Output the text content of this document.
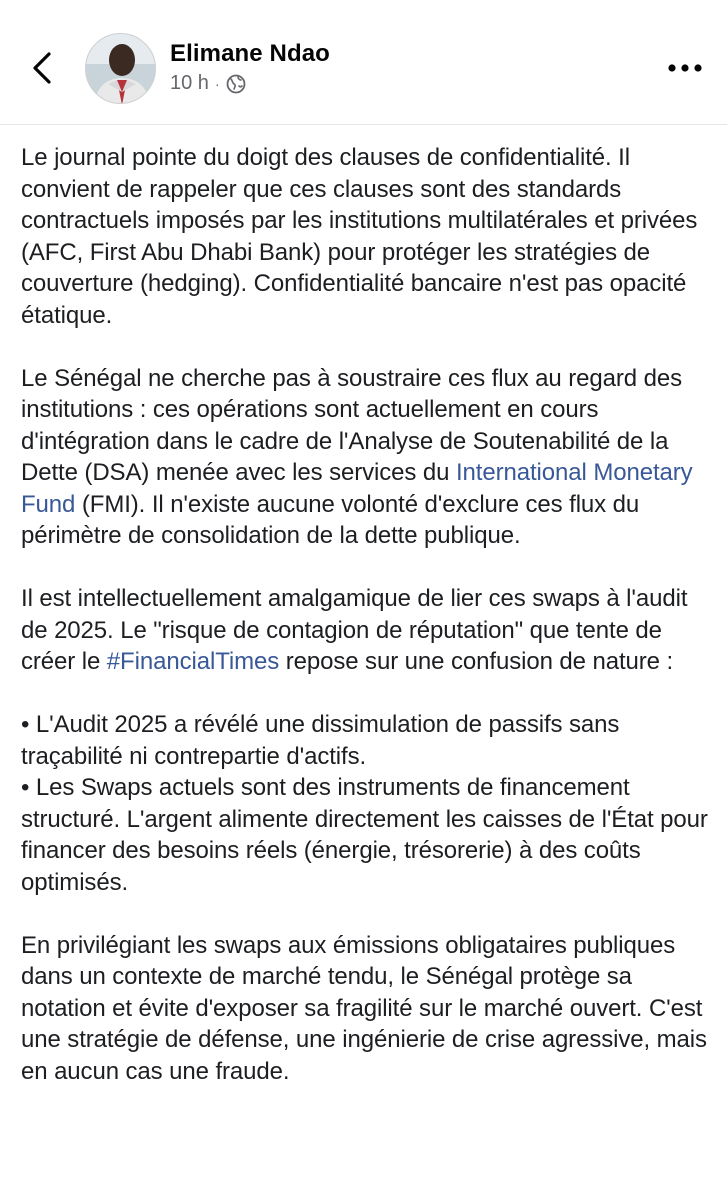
Elimane Ndao
10 h ·

Le journal pointe du doigt des clauses de confidentialité. Il convient de rappeler que ces clauses sont des standards contractuels imposés par les institutions multilatérales et privées (AFC, First Abu Dhabi Bank) pour protéger les stratégies de couverture (hedging). Confidentialité bancaire n'est pas opacité étatique.

Le Sénégal ne cherche pas à soustraire ces flux au regard des institutions : ces opérations sont actuellement en cours d'intégration dans le cadre de l'Analyse de Soutenabilité de la Dette (DSA) menée avec les services du International Monetary Fund (FMI). Il n'existe aucune volonté d'exclure ces flux du périmètre de consolidation de la dette publique.

Il est intellectuellement amalgamique de lier ces swaps à l'audit de 2025. Le "risque de contagion de réputation" que tente de créer le #FinancialTimes repose sur une confusion de nature :

• L'Audit 2025 a révélé une dissimulation de passifs sans traçabilité ni contrepartie d'actifs.
• Les Swaps actuels sont des instruments de financement structuré. L'argent alimente directement les caisses de l'État pour financer des besoins réels (énergie, trésorerie) à des coûts optimisés.

En privilégiant les swaps aux émissions obligataires publiques dans un contexte de marché tendu, le Sénégal protège sa notation et évite d'exposer sa fragilité sur le marché ouvert. C'est une stratégie de défense, une ingénierie de crise agressive, mais en aucun cas une fraude.
